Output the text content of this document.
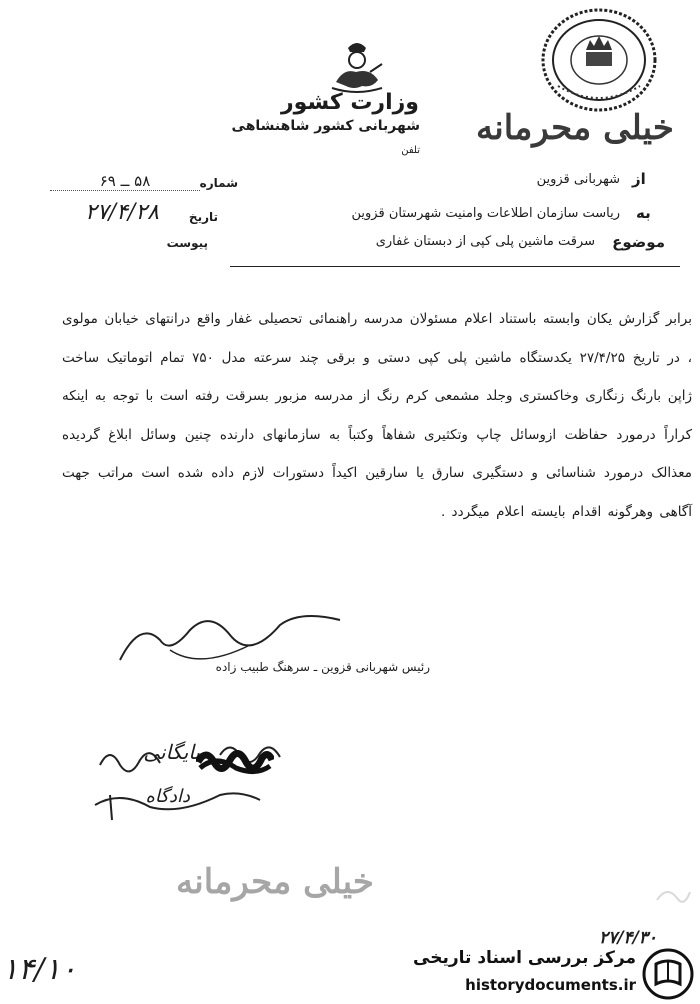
وزارت کشور
شهربانی کشور شاهنشاهی
تلفن
خیلی محرمانه
شماره
۵۸ ــ ۶۹
تاریخ
۲۷/۴/۲۸
پیوست
از
شهربانی قزوین
به
ریاست سازمان اطلاعات وامنیت شهرستان قزوین
موضوع
سرقت ماشین پلی کپی از دبستان غفاری
برابر گزارش یکان وابسته باستناد اعلام مسئولان مدرسه راهنمائی تحصیلی غفار واقع درانتهای خیابان مولوی ، در تاریخ ۲۷/۴/۲۵ یکدستگاه ماشین پلی کپی دستی و برقی چند سرعته مدل ۷۵۰ تمام اتوماتیک ساخت ژاپن بارنگ زنگاری وخاکستری وجلد مشمعی کرم رنگ از مدرسه مزبور بسرقت رفته است با توجه به اینکه کراراً درمورد حفاظت ازوسائل چاپ وتکثیری شفاهاً وکتباً به سازمانهای دارنده چنین وسائل ابلاغ گردیده معذالک درمورد شناسائی و دستگیری سارق یا سارقین اکیداً دستورات لازم داده شده است مراتب جهت آگاهی وهرگونه اقدام بایسته اعلام میگردد .
رئیس شهربانی قزوین ـ سرهنگ طبیب زاده
بایگانی
دادگاه
خیلی محرمانه
۲۷/۴/۳۰
۱۴/۱۰	مرکز بررسی اسناد تاریخی
historydocuments.ir
